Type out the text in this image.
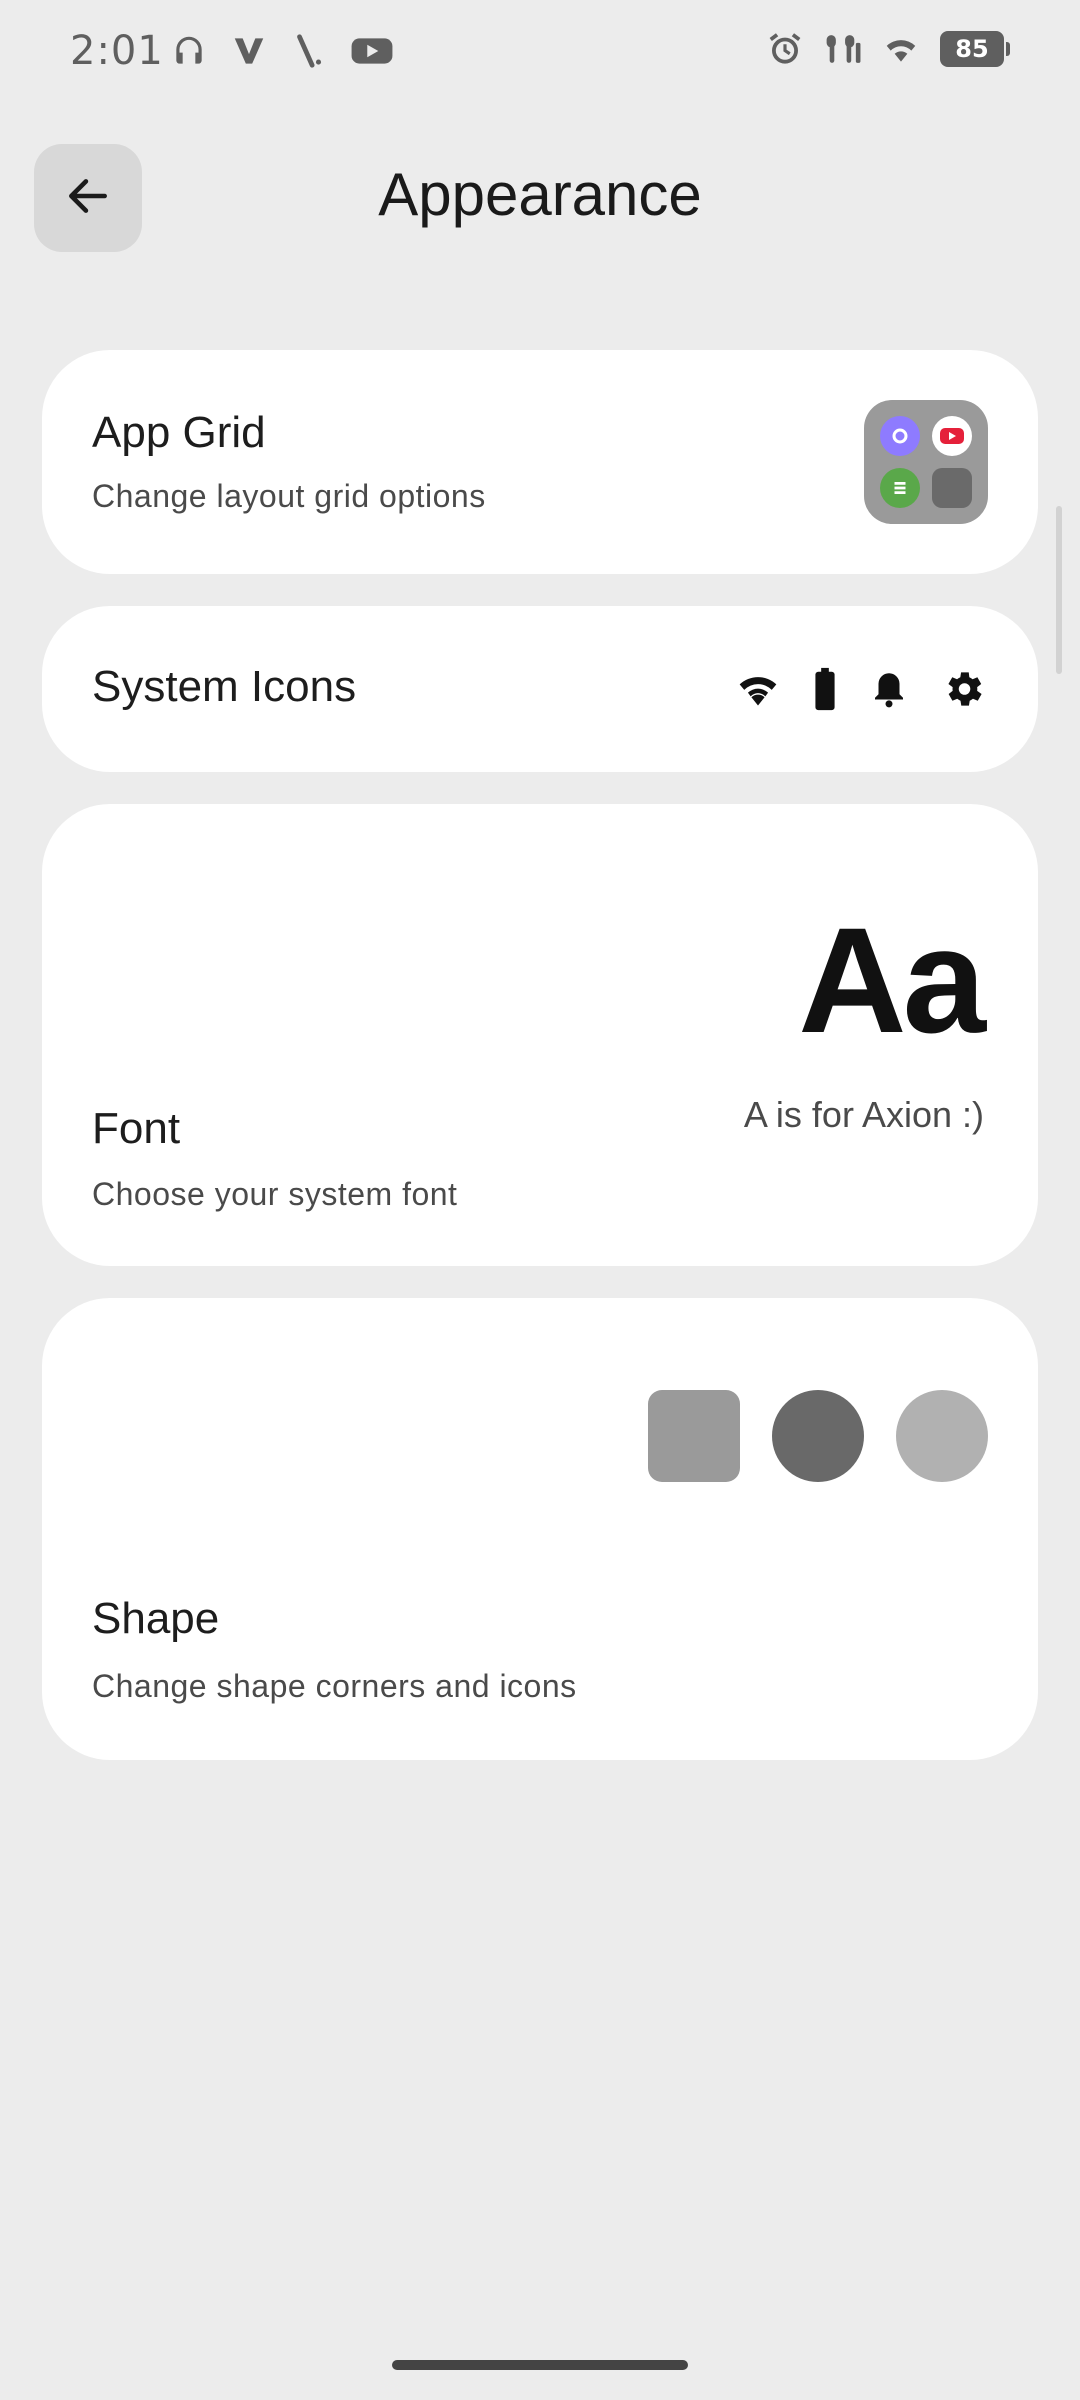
2:01	85
Appearance
App Grid
Change layout grid options
System Icons
Aa
A is for Axion :)
Font
Choose your system font
Shape
Change shape corners and icons
